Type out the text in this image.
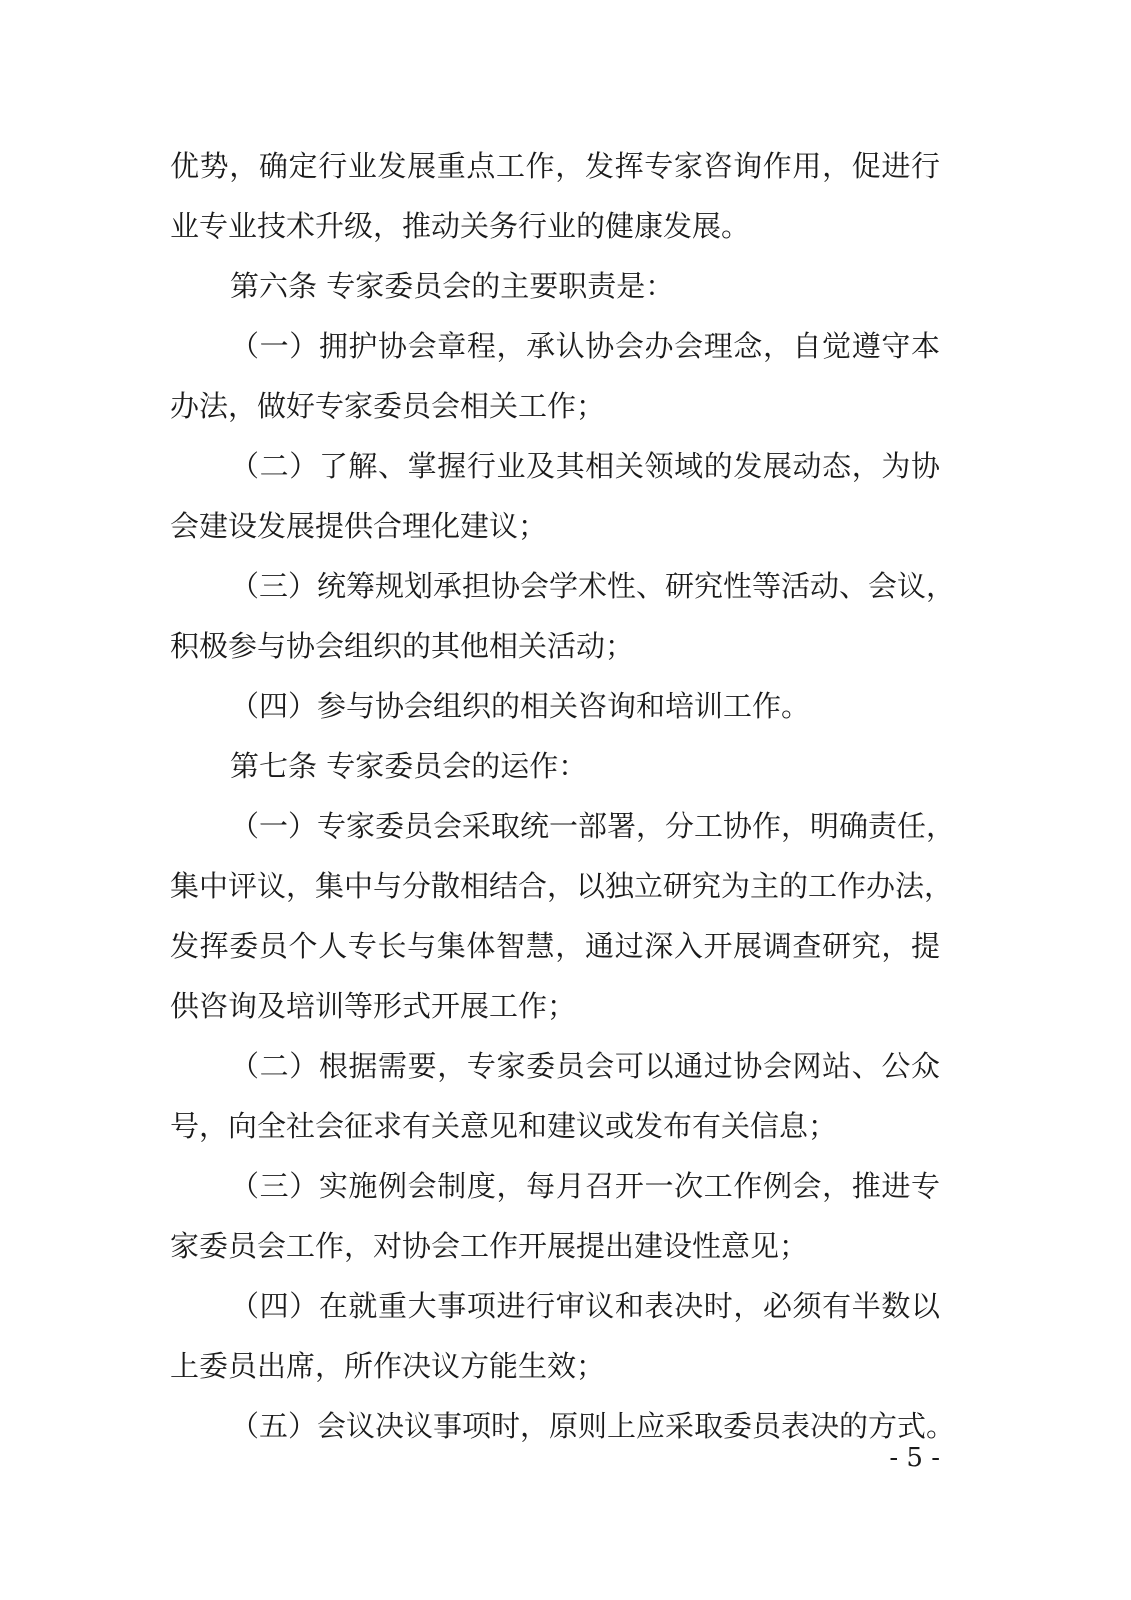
优势，确定行业发展重点工作，发挥专家咨询作用，促进行
业专业技术升级，推动关务行业的健康发展。
第六条 专家委员会的主要职责是：
（一）拥护协会章程，承认协会办会理念，自觉遵守本
办法，做好专家委员会相关工作；
（二）了解、掌握行业及其相关领域的发展动态，为协
会建设发展提供合理化建议；
（三）统筹规划承担协会学术性、研究性等活动、会议，
积极参与协会组织的其他相关活动；
（四）参与协会组织的相关咨询和培训工作。
第七条 专家委员会的运作：
（一）专家委员会采取统一部署，分工协作，明确责任，
集中评议，集中与分散相结合，以独立研究为主的工作办法，
发挥委员个人专长与集体智慧，通过深入开展调查研究，提
供咨询及培训等形式开展工作；
（二）根据需要，专家委员会可以通过协会网站、公众
号，向全社会征求有关意见和建议或发布有关信息；
（三）实施例会制度，每月召开一次工作例会，推进专
家委员会工作，对协会工作开展提出建设性意见；
（四）在就重大事项进行审议和表决时，必须有半数以
上委员出席，所作决议方能生效；
（五）会议决议事项时，原则上应采取委员表决的方式。
- 5 -
